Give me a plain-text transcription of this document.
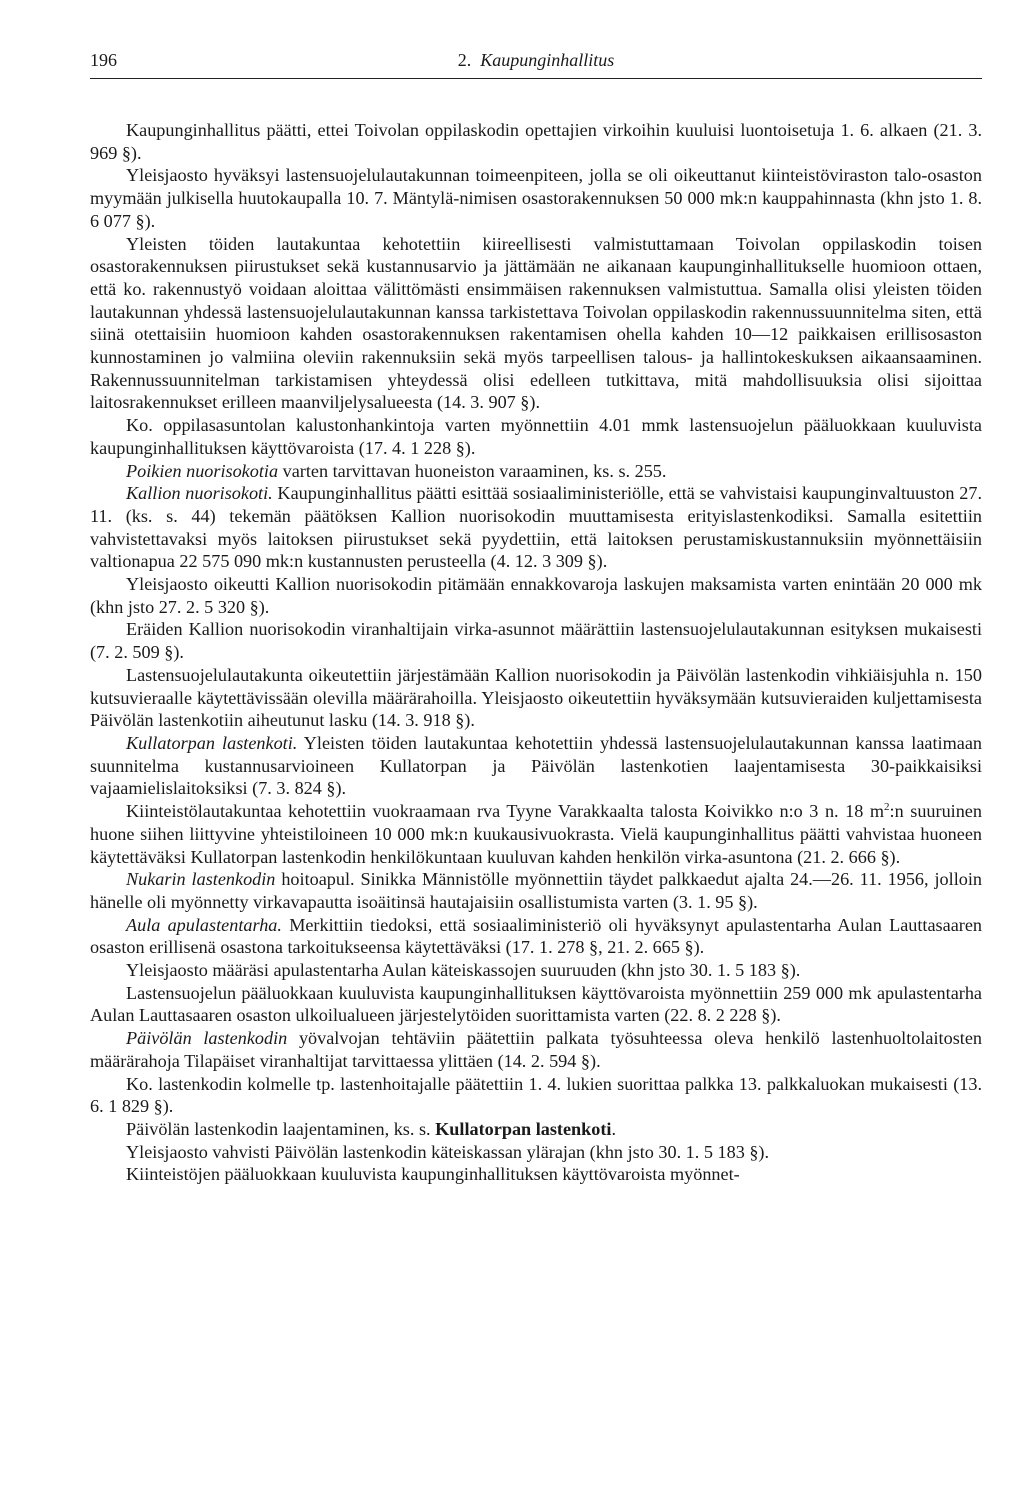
196	2. Kaupunginhallitus

Kaupunginhallitus päätti, ettei Toivolan oppilaskodin opettajien virkoihin kuuluisi luontoisetuja 1. 6. alkaen (21. 3. 969 §).

Yleisjaosto hyväksyi lastensuojelulautakunnan toimeenpiteen, jolla se oli oikeuttanut kiinteistöviraston talo-osaston myymään julkisella huutokaupalla 10. 7. Mäntylä-nimisen osastorakennuksen 50 000 mk:n kauppahinnasta (khn jsto 1. 8. 6 077 §).

Yleisten töiden lautakuntaa kehotettiin kiireellisesti valmistuttamaan Toivolan oppilaskodin toisen osastorakennuksen piirustukset sekä kustannusarvio ja jättämään ne aikanaan kaupunginhallitukselle huomioon ottaen, että ko. rakennustyö voidaan aloittaa välittömästi ensimmäisen rakennuksen valmistuttua. Samalla olisi yleisten töiden lautakunnan yhdessä lastensuojelulautakunnan kanssa tarkistettava Toivolan oppilaskodin rakennussuunnitelma siten, että siinä otettaisiin huomioon kahden osastorakennuksen rakentamisen ohella kahden 10—12 paikkaisen erillisosaston kunnostaminen jo valmiina oleviin rakennuksiin sekä myös tarpeellisen talous- ja hallintokeskuksen aikaansaaminen. Rakennussuunnitelman tarkistamisen yhteydessä olisi edelleen tutkittava, mitä mahdollisuuksia olisi sijoittaa laitosrakennukset erilleen maanviljelysalueesta (14. 3. 907 §).

Ko. oppilasasuntolan kalustonhankintoja varten myönnettiin 4.01 mmk lastensuojelun pääluokkaan kuuluvista kaupunginhallituksen käyttövaroista (17. 4. 1 228 §).

Poikien nuorisokotia varten tarvittavan huoneiston varaaminen, ks. s. 255.

Kallion nuorisokoti. Kaupunginhallitus päätti esittää sosiaaliministeriölle, että se vahvistaisi kaupunginvaltuuston 27. 11. (ks. s. 44) tekemän päätöksen Kallion nuorisokodin muuttamisesta erityislastenkodiksi. Samalla esitettiin vahvistettavaksi myös laitoksen piirustukset sekä pyydettiin, että laitoksen perustamiskustannuksiin myönnettäisiin valtionapua 22 575 090 mk:n kustannusten perusteella (4. 12. 3 309 §).

Yleisjaosto oikeutti Kallion nuorisokodin pitämään ennakkovaroja laskujen maksamista varten enintään 20 000 mk (khn jsto 27. 2. 5 320 §).

Eräiden Kallion nuorisokodin viranhaltijain virka-asunnot määrättiin lastensuojelulautakunnan esityksen mukaisesti (7. 2. 509 §).

Lastensuojelulautakunta oikeutettiin järjestämään Kallion nuorisokodin ja Päivölän lastenkodin vihkiäisjuhla n. 150 kutsuvieraalle käytettävissään olevilla määrärahoilla. Yleisjaosto oikeutettiin hyväksymään kutsuvieraiden kuljettamisesta Päivölän lastenkotiin aiheutunut lasku (14. 3. 918 §).

Kullatorpan lastenkoti. Yleisten töiden lautakuntaa kehotettiin yhdessä lastensuojelulautakunnan kanssa laatimaan suunnitelma kustannusarvioineen Kullatorpan ja Päivölän lastenkotien laajentamisesta 30-paikkaisiksi vajaamielislaitoksiksi (7. 3. 824 §).

Kiinteistölautakuntaa kehotettiin vuokraamaan rva Tyyne Varakkaalta talosta Koivikko n:o 3 n. 18 $m^2:n$ suuruinen huone siihen liittyvine yhteistiloineen 10 000 mk:n kuukausivuokrasta. Vielä kaupunginhallitus päätti vahvistaa huoneen käytettäväksi Kullatorpan lastenkodin henkilökuntaan kuuluvan kahden henkilön virka-asuntona (21. 2. 666 §).

Nukarin lastenkodin hoitoapul. Sinikka Männistölle myönnettiin täydet palkkaedut ajalta 24.—26. 11. 1956, jolloin hänelle oli myönnetty virkavapautta isoäitinsä hautajaisiin osallistumista varten (3. 1. 95 §).

Aula apulastentarha. Merkittiin tiedoksi, että sosiaaliministeriö oli hyväksynyt apulastentarha Aulan Lauttasaaren osaston erillisenä osastona tarkoitukseensa käytettäväksi (17. 1. 278 §, 21. 2. 665 §).

Yleisjaosto määräsi apulastentarha Aulan käteiskassojen suuruuden (khn jsto 30. 1. 5 183 §).

Lastensuojelun pääluokkaan kuuluvista kaupunginhallituksen käyttövaroista myönnettiin 259 000 mk apulastentarha Aulan Lauttasaaren osaston ulkoilualueen järjestelytöiden suorittamista varten (22. 8. 2 228 §).

Päivölän lastenkodin yövalvojan tehtäviin päätettiin palkata työsuhteessa oleva henkilö lastenhuoltolaitosten määrärahoja Tilapäiset viranhaltijat tarvittaessa ylittäen (14. 2. 594 §).

Ko. lastenkodin kolmelle tp. lastenhoitajalle päätettiin 1. 4. lukien suorittaa palkka 13. palkkaluokan mukaisesti (13. 6. 1 829 §).

Päivölän lastenkodin laajentaminen, ks. s. Kullatorpan lastenkoti.

Yleisjaosto vahvisti Päivölän lastenkodin käteiskassan ylärajan (khn jsto 30. 1. 5 183 §).

Kiinteistöjen pääluokkaan kuuluvista kaupunginhallituksen käyttövaroista myönnet-
